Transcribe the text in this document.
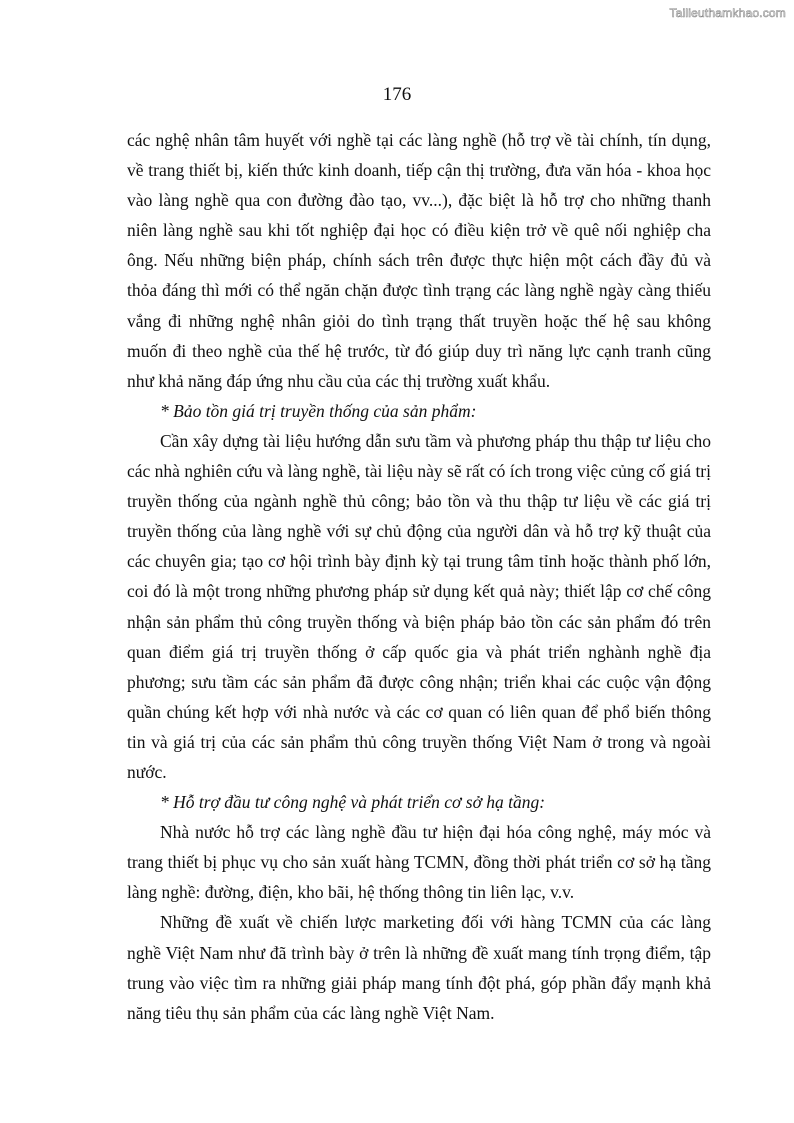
Tailieuthamkhao.com
176

các nghệ nhân tâm huyết với nghề tại các làng nghề (hỗ trợ về tài chính, tín dụng, về trang thiết bị, kiến thức kinh doanh, tiếp cận thị trường, đưa văn hóa - khoa học vào làng nghề qua con đường đào tạo, vv...), đặc biệt là hỗ trợ cho những thanh niên làng nghề sau khi tốt nghiệp đại học có điều kiện trở về quê nối nghiệp cha ông. Nếu những biện pháp, chính sách trên được thực hiện một cách đầy đủ và thỏa đáng thì mới có thể ngăn chặn được tình trạng các làng nghề ngày càng thiếu vắng đi những nghệ nhân giỏi do tình trạng thất truyền hoặc thế hệ sau không muốn đi theo nghề của thế hệ trước, từ đó giúp duy trì năng lực cạnh tranh cũng như khả năng đáp ứng nhu cầu của các thị trường xuất khẩu.

* Bảo tồn giá trị truyền thống của sản phẩm:

Cần xây dựng tài liệu hướng dẫn sưu tầm và phương pháp thu thập tư liệu cho các nhà nghiên cứu và làng nghề, tài liệu này sẽ rất có ích trong việc củng cố giá trị truyền thống của ngành nghề thủ công; bảo tồn và thu thập tư liệu về các giá trị truyền thống của làng nghề với sự chủ động của người dân và hỗ trợ kỹ thuật của các chuyên gia; tạo cơ hội trình bày định kỳ tại trung tâm tỉnh hoặc thành phố lớn, coi đó là một trong những phương pháp sử dụng kết quả này; thiết lập cơ chế công nhận sản phẩm thủ công truyền thống và biện pháp bảo tồn các sản phẩm đó trên quan điểm giá trị truyền thống ở cấp quốc gia và phát triển nghành nghề địa phương; sưu tầm các sản phẩm đã được công nhận; triển khai các cuộc vận động quần chúng kết hợp với nhà nước và các cơ quan có liên quan để phổ biến thông tin và giá trị của các sản phẩm thủ công truyền thống Việt Nam ở trong và ngoài nước.

* Hỗ trợ đầu tư công nghệ và phát triển cơ sở hạ tầng:

Nhà nước hỗ trợ các làng nghề đầu tư hiện đại hóa công nghệ, máy móc và trang thiết bị phục vụ cho sản xuất hàng TCMN, đồng thời phát triển cơ sở hạ tầng làng nghề: đường, điện, kho bãi, hệ thống thông tin liên lạc, v.v.

Những đề xuất về chiến lược marketing đối với hàng TCMN của các làng nghề Việt Nam như đã trình bày ở trên là những đề xuất mang tính trọng điểm, tập trung vào việc tìm ra những giải pháp mang tính đột phá, góp phần đẩy mạnh khả năng tiêu thụ sản phẩm của các làng nghề Việt Nam.
